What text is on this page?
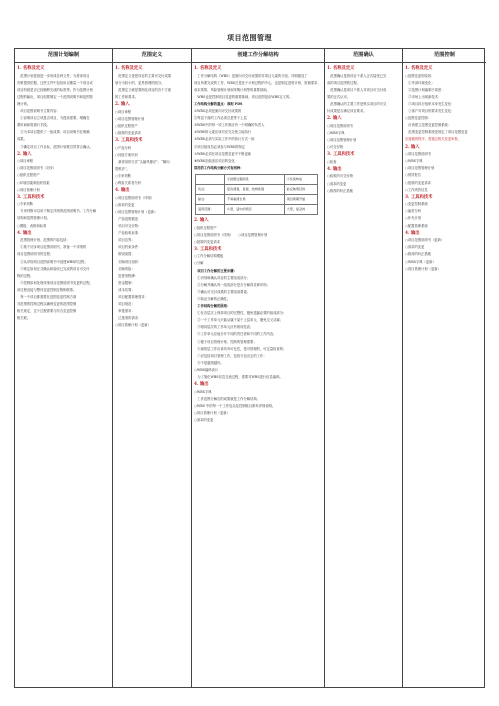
项目范围管理
范围计划编制
1. 名称及定义
　范围计划是指进一步形成各种文件，为将来项目
决策提供依据，这些文件中包括用以衡量一个项目或
项目阶段是否已经顺利完成的标准等。作为范围计划
过程的输出，项目组要制定一个范围说明书和范围管
理计划。
　项目范围说明书主要内容：
　①说明项目立项是否项目，为提高需要，增确在
要时间和资源行手段。
　②为本项目提供了一组成果：项目说明书在明确
成果。
　③确定项目工作目标，范围计划要自然带合确认。
2. 输入
○项目章程
○项目范围说明书（初步）
○组织过程资产
○环境因素和组织因素
○项目管理计划
3. 工具和技术
○专家判断
　专家判断可以用于制定详细的范围说明书。工作分解
结构和范围管理计划。
○模板、表格和标准
4. 输出
　范围管理计划、范围的内容包括：
　①基于初步项目范围说明书，准备一个详细的
项目范围说明书的过程；
　②从详细项目范围说明书中创建WBS的过程；
　③规定如何正式确认和验收已完成的项目可交付
物的过程；
　④控制如何处理详细项目范围说明书变更的过程，
该过程直接与整体变更控制过程相联系。
　每一个项目都需要在范围变更控制方面
对范围的控制过程以确保变更的范围控制
相关规定，这个过程需要与综合变更控制
相关联。
范围定义
1. 名称及定义
　范围定义是把项目的主要可交付成果
划分为较小的、更易管理的组分。
　范围定义就是要细化项目的各个方面
的工作和要求。
2. 输入
○项目章程
○项目范围管理计划
○组织过程资产
○批准的变更请求
3. 工具和技术
○产品分析
○其他方案识别
　最常用的方法“头脑风暴法”、“横向
思维法”。
○专家判断
○利害关系者分析
4. 输出
○项目范围说明书（详细）
○请求的变更
○项目范围管理计划（更新）
　产品范围描述：
　项目可交付物：
　产品验收标准：
　项目边界：
　项目约束条件：
　假设前提：
　初始项目组织：
　初始风险：
　进度里程碑：
　资金限制：
　成本估算：
　项目配置管理需求：
　项目规范：
　审批需求：
　已批准的请求：
○项目管理计划（更新）
创建工作分解结构
1. 名称及定义
　工作分解结构（WBS）是面向可交付成果的对项目元素的分组，详细描述了
项目所要完成的工作，WBS总是处于计划过程的中心，也是制定进度计划、资源需求、
成本预算、风险管理计划和采购计划等的重要基础。
　WBS也是控制项目变更的重要基础，项目范围是由WBS定义的。
工作结构分解的重点：准则 PDS
①WBS必须是面向可交付成果的
②每层下面的工作必须总是等于上层
③WBS中的每一项工作都应有一个明确的负责人
④WBS的元素应该对应完全独立地执行
⑤WBS必须与实际工作中的执行方式一致
⑥项目组成员必须参与WBS的制定
⑦WBS必须在项目范围变更中不断更新
⑧WBS应能适应项目的变化
常用的工作结构分解方式有两种：
	①按照过程阶段	②系统构成
优点：	层次清楚，直观，结构性强	能反映项目的
缺点：	不易看清全局	项目周期开始
适用范围：	小型，适中的项目	大型，复杂的
2. 输入
○组织过程资产
○项目范围说明书（详细）　　○项目范围管理计划
○批准的变更请求
3. 工具和技术
○工作分解结构模板
○分解
　项目工作分解的主要步骤：
　①识别和确认项目的主要组成部分；
　②分解并确认每一组成部分是否分解得足够详细；
　③确认可交付成果的主要组成要素；
　④验证分解的正确性。
　工作结构分解的原则：
　①在各层次上保持项目的完整性，避免遗漏必要的组成部分；
　②一个工作单元只能从属于某个上层单元，避免交叉从属；
　③相同层次的工作单元应有相同性质；
　④工作单元应能分开不同的责任者和不同的工作内容；
　⑤便于项目管理计划、控制的管理需要；
　⑥最底层工作应该具有可比性，是可管理的，可定量检查的；
　⑦应包括项目管理工作，包括分包出去的工作；
　⑧不是越细越好。
○WBS编码设计
　为了简化WBS信息交流过程，需要对WBS进行信息编码。
4. 输出
○WBS字典
　工作范围分解后的成果就是工作分解结构。
○WBS 中的每一个工作包以及控制账目都有详细说明。
○项目管理计划（更新）
○请求的变更
范围确认
1. 名称及定义
　范围确认是指项目干系人正式接受已完
成的项目范围的过程。
　范围确认是项目干系人对项目可交付成
果的正式认可。
　范围确认的主要工作是核实项目的可交
付成果是否满足项目要求。
2. 输入
○项目范围说明书
○WBS字典
○项目范围管理计划
○可交付物
3. 工具和技术
○检查
4. 输出
○验收的可交付物
○请求的变更
○推荐的纠正措施
范围控制
1. 名称及定义
○范围变更的原因：
　①外部环境变化：
　②范围计划编制不周密：
　③市场上出现新技术：
　④项目执行组织本身发生变化：
　⑤客户对项目的要求发生变化：
○范围变更控制：
　应该建立范围变更控制系统：
　范围变更控制系统是规定了项目范围变更
应遵循的程序，需通过相关变更审批。
2. 输入
○项目范围说明书
○WBS字典
○项目范围管理计划
○绩效报告
○批准的变更请求
○工作绩效信息
3. 工具和技术
○变更控制系统
○偏差分析
○补充计划
○配置管理系统
4. 输出
○项目范围说明书（更新）
○请求的变更
○推荐的纠正措施
○WBS字典（更新）
○项目管理计划（更新）
